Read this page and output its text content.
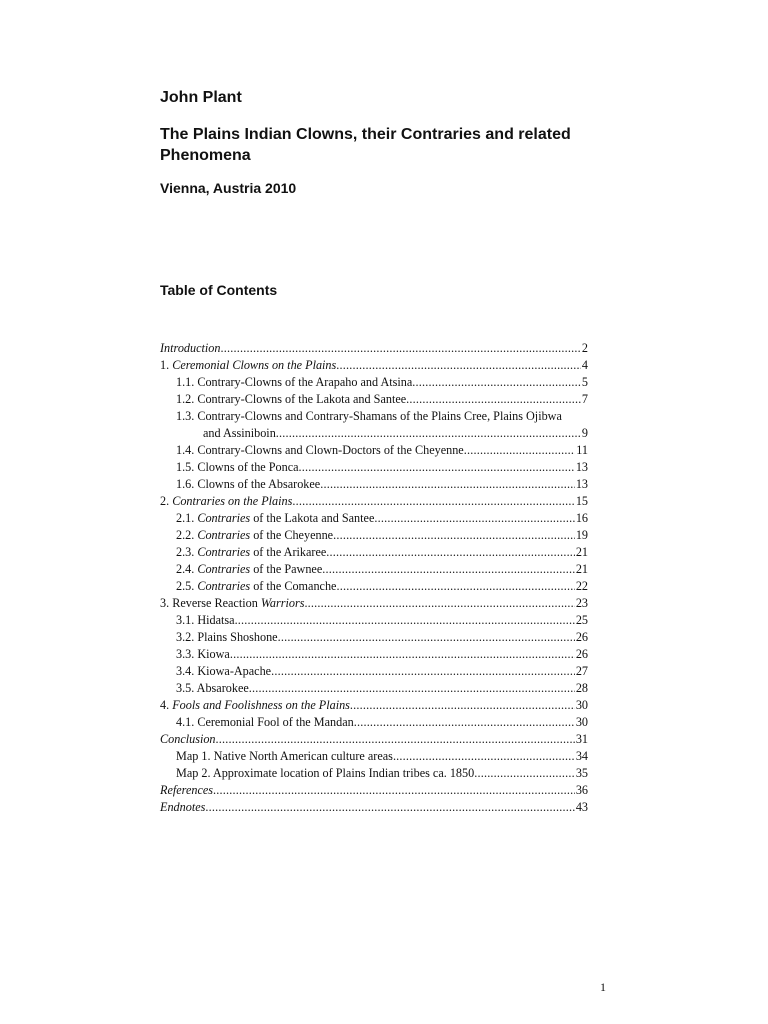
John Plant
The Plains Indian Clowns, their Contraries and related Phenomena
Vienna, Austria 2010
Table of Contents
Introduction .....	2
1. Ceremonial Clowns on the Plains .....	4
1.1. Contrary-Clowns of the Arapaho and Atsina .....	5
1.2. Contrary-Clowns of the Lakota and Santee .....	7
1.3. Contrary-Clowns and Contrary-Shamans of the Plains Cree, Plains Ojibwa
and Assiniboin .....	9
1.4. Contrary-Clowns and Clown-Doctors of the Cheyenne .....	11
1.5. Clowns of the Ponca .....	13
1.6. Clowns of the Absarokee .....	13
2. Contraries on the Plains .....	15
2.1. Contraries of the Lakota and Santee .....	16
2.2. Contraries of the Cheyenne .....	19
2.3. Contraries of the Arikaree .....	21
2.4. Contraries of the Pawnee .....	21
2.5. Contraries of the Comanche .....	22
3. Reverse Reaction Warriors .....	23
3.1. Hidatsa .....	25
3.2. Plains Shoshone .....	26
3.3. Kiowa .....	26
3.4. Kiowa-Apache .....	27
3.5. Absarokee .....	28
4. Fools and Foolishness on the Plains .....	30
4.1. Ceremonial Fool of the Mandan .....	30
Conclusion .....	31
Map 1. Native North American culture areas .....	34
Map 2. Approximate location of Plains Indian tribes ca. 1850 .....	35
References .....	36
Endnotes .....	43
1
